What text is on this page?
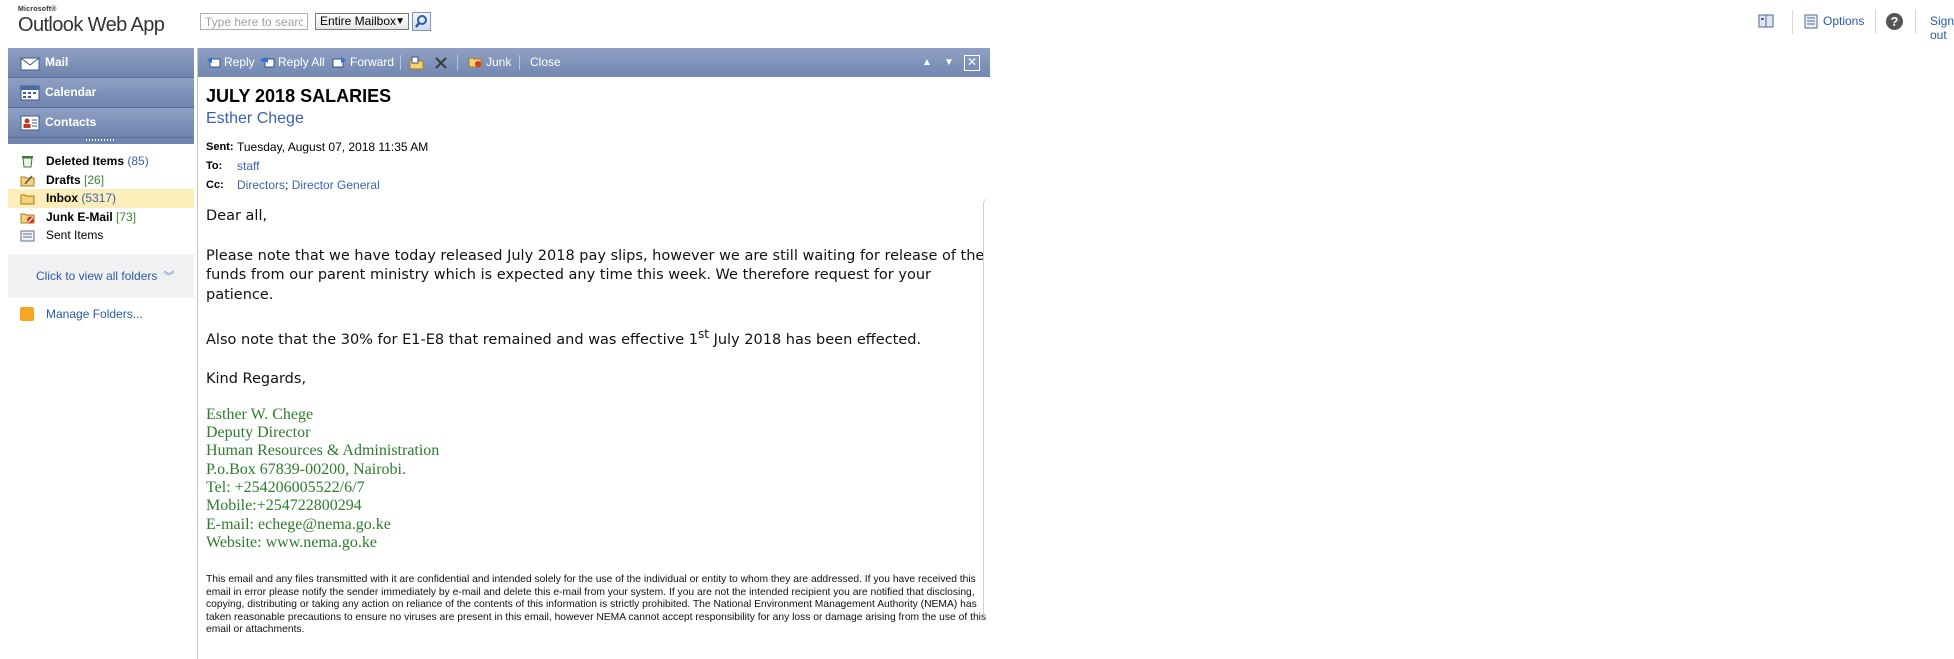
Microsoft®
Outlook Web App
Type here to search	Entire Mailbox ▼	Options ?	Sign out
Mail
Calendar
Contacts
Deleted Items (85)
Drafts [26]
Inbox (5317)
Junk E-Mail [73]
Sent Items
Click to view all folders ︾
Manage Folders...
Reply	Reply All	Forward	Junk Close	▲ ▼ ✕
JULY 2018 SALARIES
Esther Chege
Sent: Tuesday, August 07, 2018 11:35 AM
To: staff
Cc: Directors; Director General

Dear all,

Please note that we have today released July 2018 pay slips, however we are still waiting for release of the funds from our parent ministry which is expected any time this week. We therefore request for your patience.

Also note that the 30% for E1-E8 that remained and was effective 1st July 2018 has been effected.

Kind Regards,

Esther W. Chege
Deputy Director
Human Resources & Administration
P.o.Box 67839-00200, Nairobi.
Tel: +254206005522/6/7
Mobile:+254722800294
E-mail: echege@nema.go.ke
Website: www.nema.go.ke
This email and any files transmitted with it are confidential and intended solely for the use of the individual or entity to whom they are addressed. If you have received this email in error please notify the sender immediately by e-mail and delete this e-mail from your system. If you are not the intended recipient you are notified that disclosing, copying, distributing or taking any action on reliance of the contents of this information is strictly prohibited. The National Environment Management Authority (NEMA) has taken reasonable precautions to ensure no viruses are present in this email, however NEMA cannot accept responsibility for any loss or damage arising from the use of this email or attachments.
